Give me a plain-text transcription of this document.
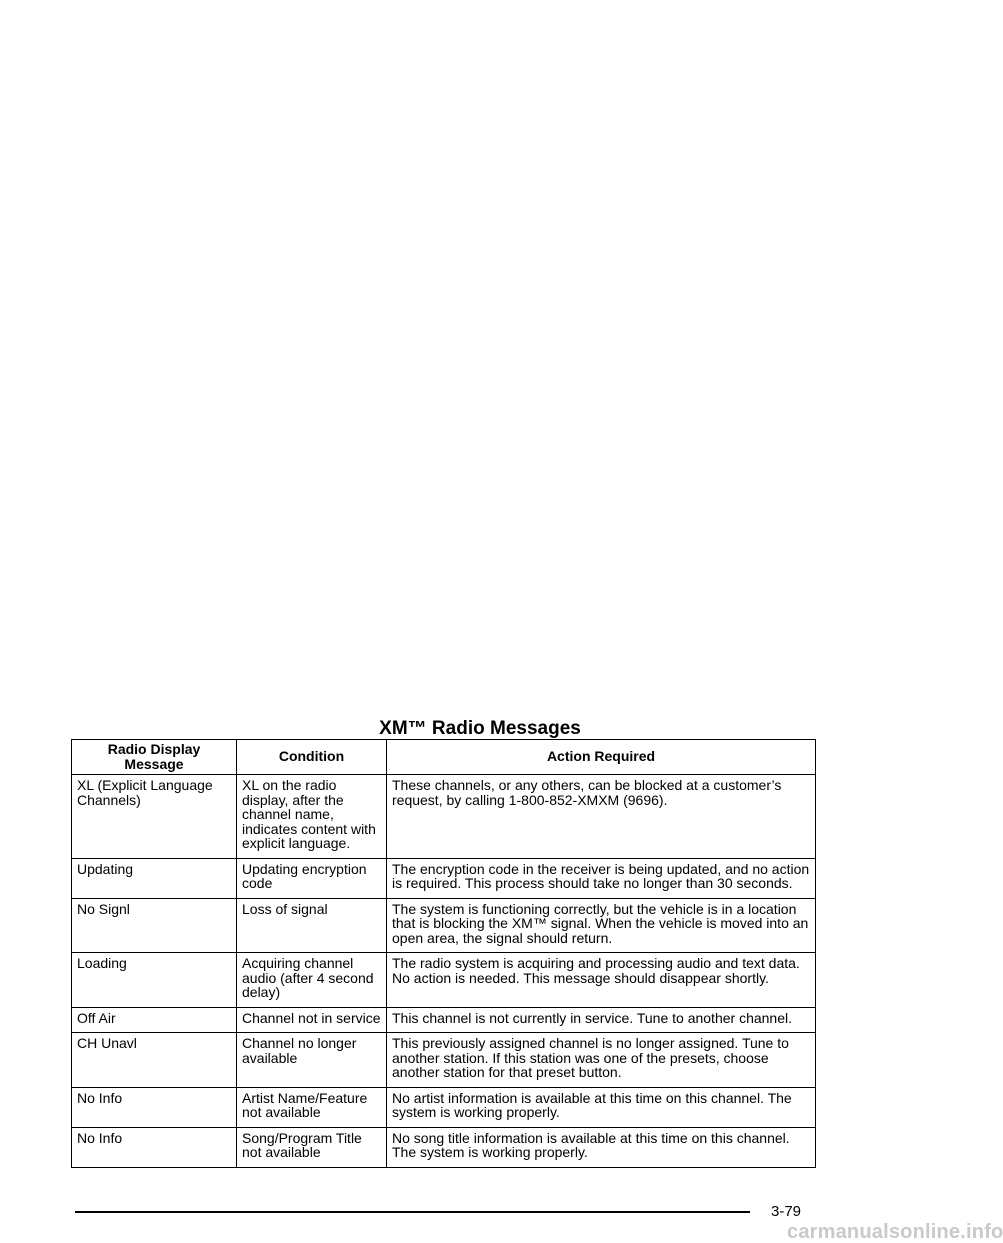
XM™ Radio Messages
Radio Display Message	Condition	Action Required
XL (Explicit Language Channels)	XL on the radio display, after the channel name, indicates content with explicit language.	These channels, or any others, can be blocked at a customer’s request, by calling 1-800-852-XMXM (9696).
Updating	Updating encryption code	The encryption code in the receiver is being updated, and no action is required. This process should take no longer than 30 seconds.
No Signl	Loss of signal	The system is functioning correctly, but the vehicle is in a location that is blocking the XM™ signal. When the vehicle is moved into an open area, the signal should return.
Loading	Acquiring channel audio (after 4 second delay)	The radio system is acquiring and processing audio and text data. No action is needed. This message should disappear shortly.
Off Air	Channel not in service	This channel is not currently in service. Tune to another channel.
CH Unavl	Channel no longer available	This previously assigned channel is no longer assigned. Tune to another station. If this station was one of the presets, choose another station for that preset button.
No Info	Artist Name/Feature not available	No artist information is available at this time on this channel. The system is working properly.
No Info	Song/Program Title not available	No song title information is available at this time on this channel. The system is working properly.
3-79
carmanualsonline.info
